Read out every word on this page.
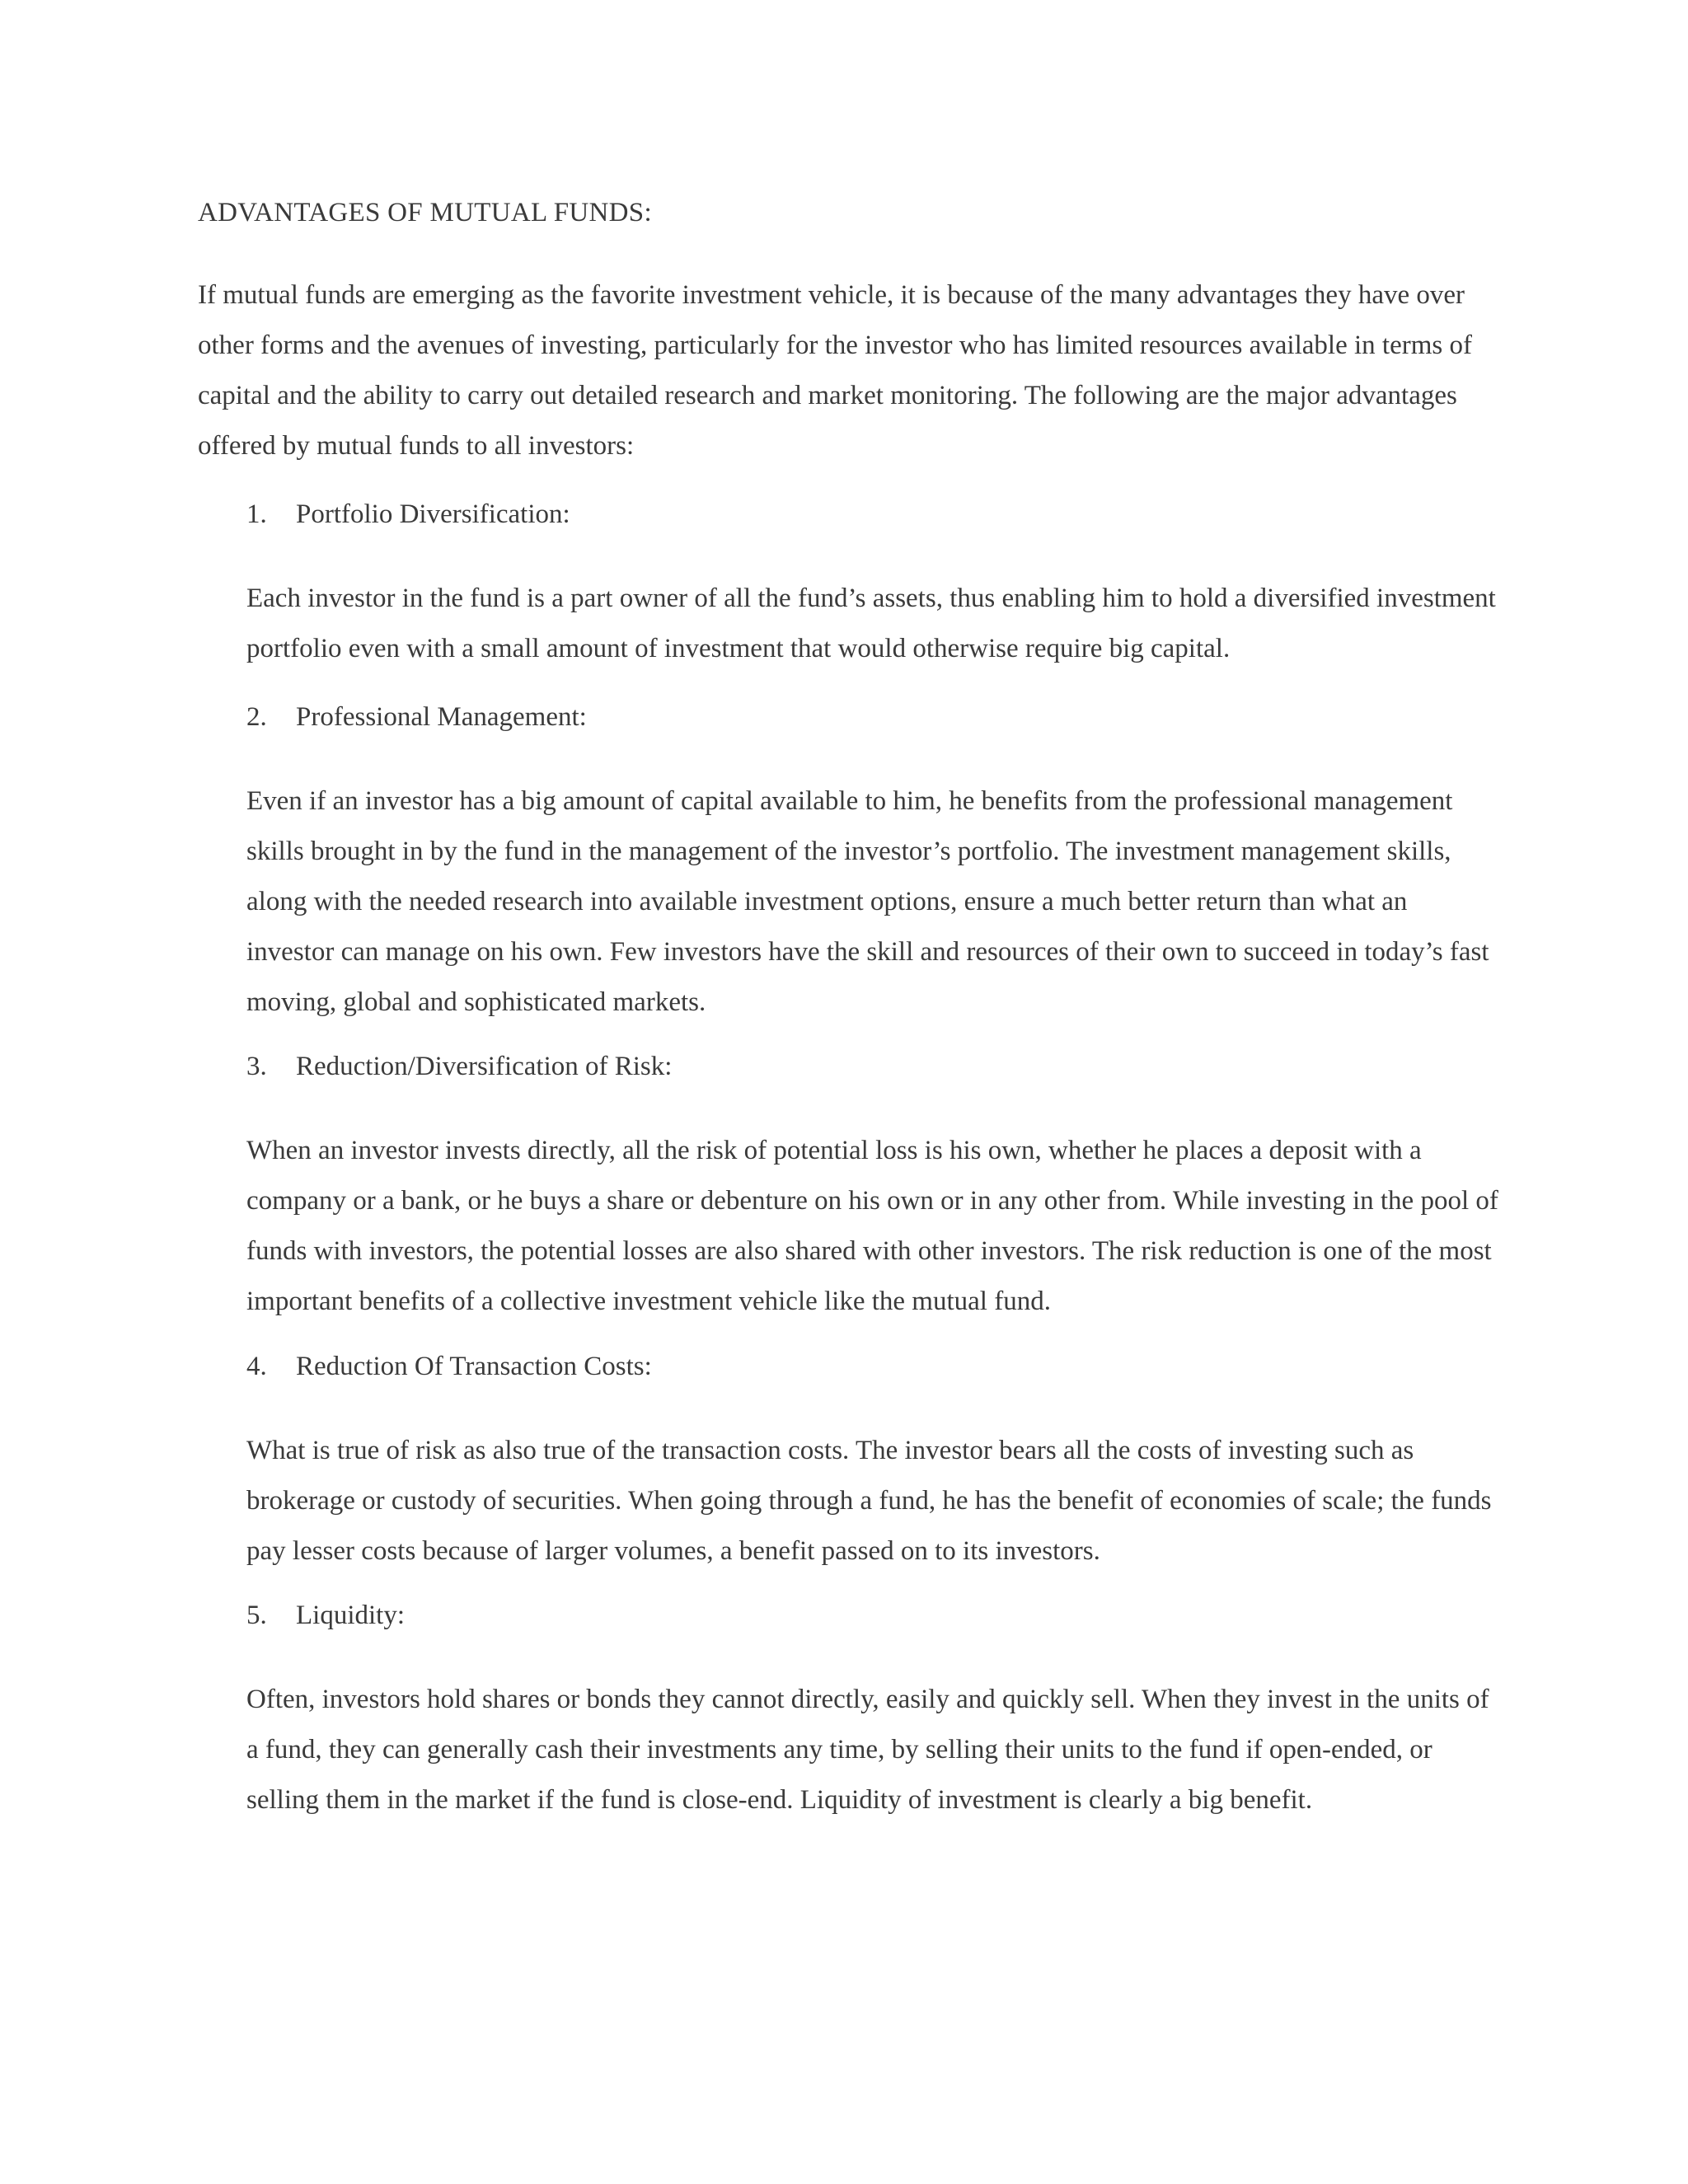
ADVANTAGES OF MUTUAL FUNDS:

If mutual funds are emerging as the favorite investment vehicle, it is because of the many advantages they have over other forms and the avenues of investing, particularly for the investor who has limited resources available in terms of capital and the ability to carry out detailed research and market monitoring. The following are the major advantages offered by mutual funds to all investors:

1. Portfolio Diversification:

Each investor in the fund is a part owner of all the fund’s assets, thus enabling him to hold a diversified investment portfolio even with a small amount of investment that would otherwise require big capital.

2. Professional Management:

Even if an investor has a big amount of capital available to him, he benefits from the professional management skills brought in by the fund in the management of the investor’s portfolio. The investment management skills, along with the needed research into available investment options, ensure a much better return than what an investor can manage on his own. Few investors have the skill and resources of their own to succeed in today’s fast moving, global and sophisticated markets.

3. Reduction/Diversification of Risk:

When an investor invests directly, all the risk of potential loss is his own, whether he places a deposit with a company or a bank, or he buys a share or debenture on his own or in any other from. While investing in the pool of funds with investors, the potential losses are also shared with other investors. The risk reduction is one of the most important benefits of a collective investment vehicle like the mutual fund.

4. Reduction Of Transaction Costs:

What is true of risk as also true of the transaction costs. The investor bears all the costs of investing such as brokerage or custody of securities. When going through a fund, he has the benefit of economies of scale; the funds pay lesser costs because of larger volumes, a benefit passed on to its investors.

5. Liquidity:

Often, investors hold shares or bonds they cannot directly, easily and quickly sell. When they invest in the units of a fund, they can generally cash their investments any time, by selling their units to the fund if open-ended, or selling them in the market if the fund is close-end. Liquidity of investment is clearly a big benefit.
